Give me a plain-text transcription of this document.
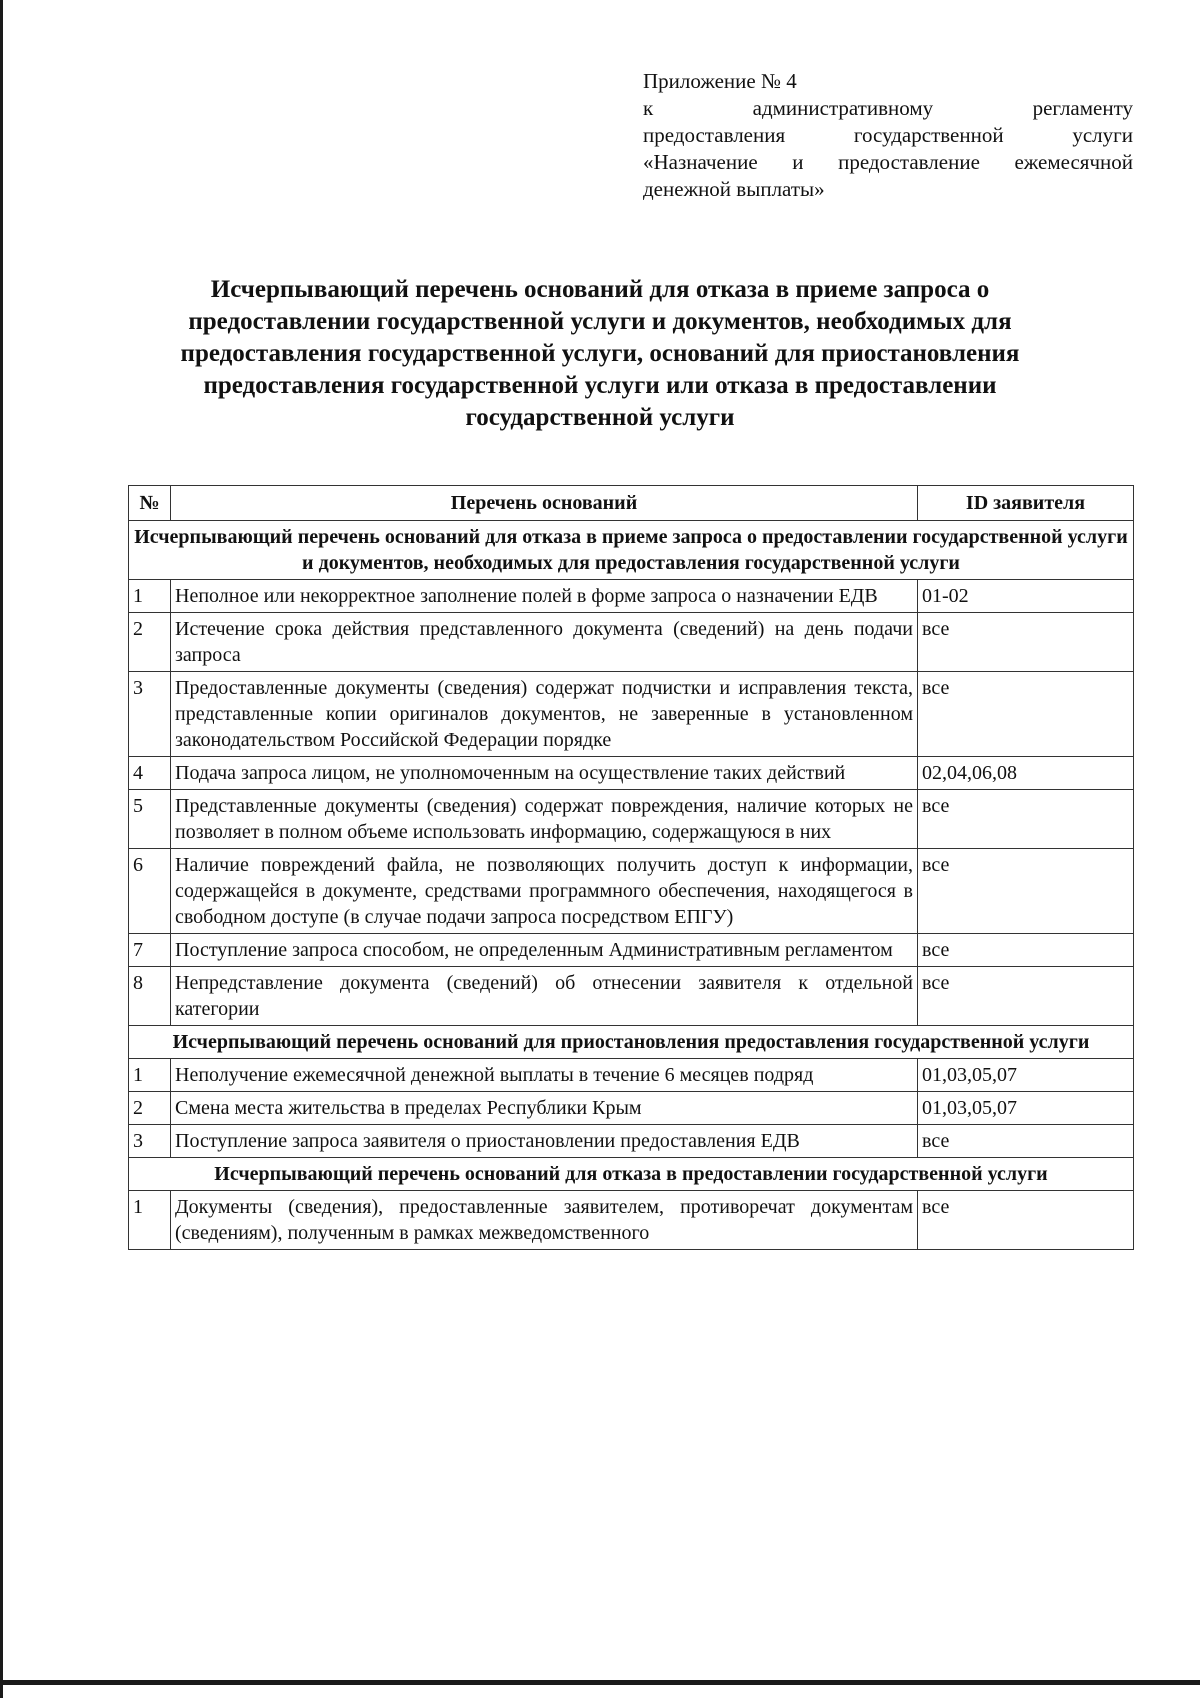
Приложение № 4
к административному регламенту
предоставления государственной услуги
«Назначение и предоставление ежемесячной
денежной выплаты»
Исчерпывающий перечень оснований для отказа в приеме запроса о предоставлении государственной услуги и документов, необходимых для предоставления государственной услуги, оснований для приостановления предоставления государственной услуги или отказа в предоставлении государственной услуги
№	Перечень оснований	ID заявителя
Исчерпывающий перечень оснований для отказа в приеме запроса о предоставлении государственной услуги и документов, необходимых для предоставления государственной услуги		
1	Неполное или некорректное заполнение полей в форме запроса о назначении ЕДВ	01-02
2	Истечение срока действия представленного документа (сведений) на день подачи запроса	все
3	Предоставленные документы (сведения) содержат подчистки и исправления текста, представленные копии оригиналов документов, не заверенные в установленном законодательством Российской Федерации порядке	все
4	Подача запроса лицом, не уполномоченным на осуществление таких действий	02,04,06,08
5	Представленные документы (сведения) содержат повреждения, наличие которых не позволяет в полном объеме использовать информацию, содержащуюся в них	все
6	Наличие повреждений файла, не позволяющих получить доступ к информации, содержащейся в документе, средствами программного обеспечения, находящегося в свободном доступе (в случае подачи запроса посредством ЕПГУ)	все
7	Поступление запроса способом, не определенным Административным регламентом	все
8	Непредставление документа (сведений) об отнесении заявителя к отдельной категории	все
Исчерпывающий перечень оснований для приостановления предоставления государственной услуги		
1	Неполучение ежемесячной денежной выплаты в течение 6 месяцев подряд	01,03,05,07
2	Смена места жительства в пределах Республики Крым	01,03,05,07
3	Поступление запроса заявителя о приостановлении предоставления ЕДВ	все
Исчерпывающий перечень оснований для отказа в предоставлении государственной услуги		
1	Документы (сведения), предоставленные заявителем, противоречат документам (сведениям), полученным в рамках межведомственного	все
